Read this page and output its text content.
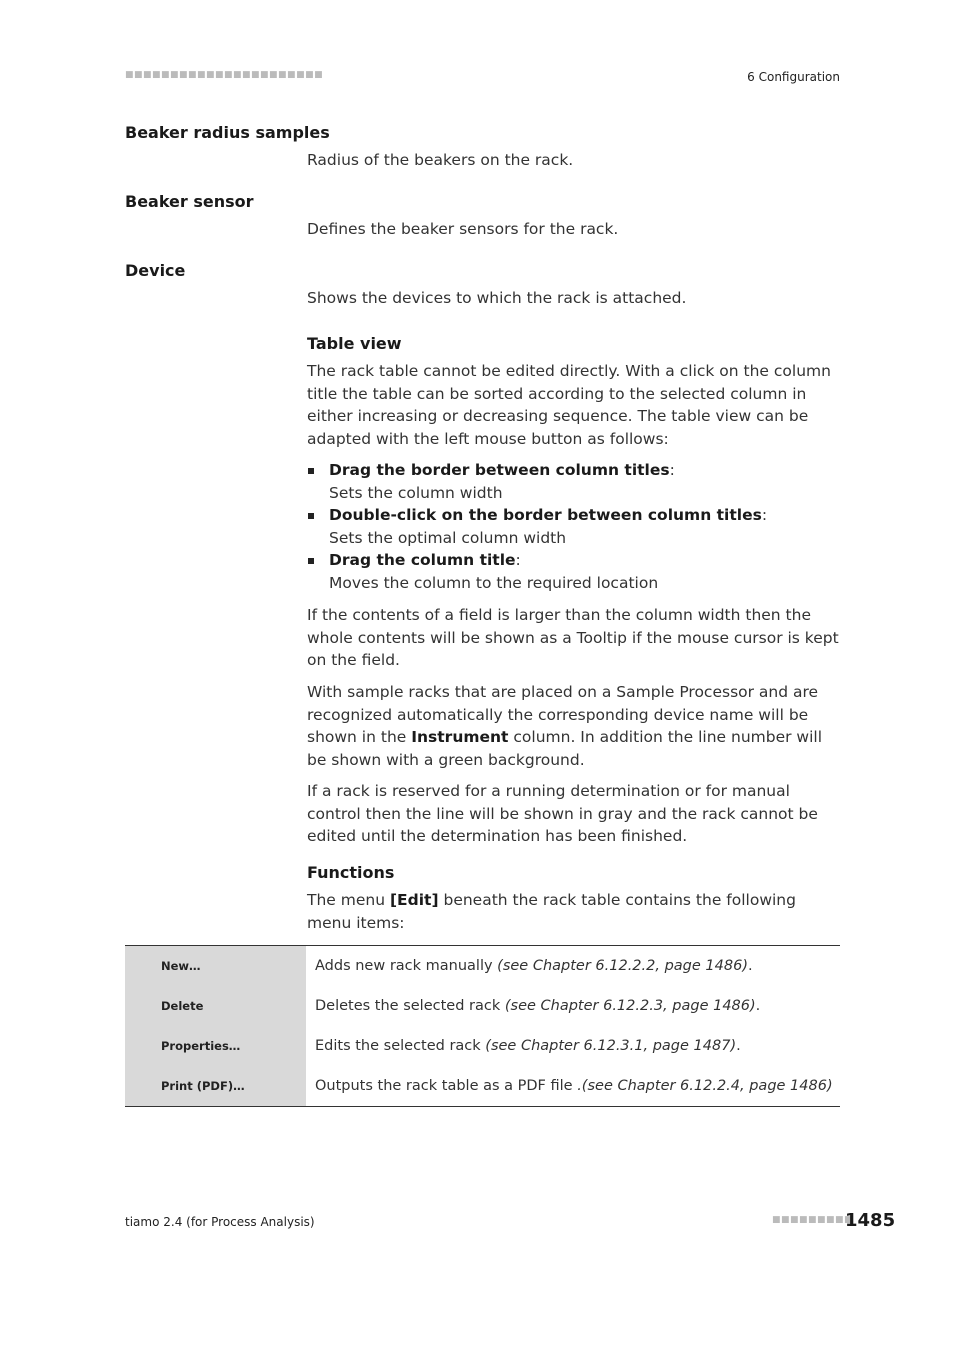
■■■■■■■■■■■■■■■■■■■■■■	6 Configuration
Beaker radius samples
Radius of the beakers on the rack.
Beaker sensor
Defines the beaker sensors for the rack.
Device
Shows the devices to which the rack is attached.
Table view

The rack table cannot be edited directly. With a click on the column title the table can be sorted according to the selected column in either increasing or decreasing sequence. The table view can be adapted with the left mouse button as follows:

Drag the border between column titles:
Sets the column width
Double-click on the border between column titles:
Sets the optimal column width
Drag the column title:
Moves the column to the required location

If the contents of a field is larger than the column width then the whole contents will be shown as a Tooltip if the mouse cursor is kept on the field.

With sample racks that are placed on a Sample Processor and are recognized automatically the corresponding device name will be shown in the Instrument column. In addition the line number will be shown with a green background.

If a rack is reserved for a running determination or for manual control then the line will be shown in gray and the rack cannot be edited until the determination has been finished.

Functions

The menu [Edit] beneath the rack table contains the following menu items:

New…	Adds new rack manually (see Chapter 6.12.2.2, page 1486).
Delete	Deletes the selected rack (see Chapter 6.12.2.3, page 1486).
Properties…	Edits the selected rack (see Chapter 6.12.3.1, page 1487).
Print (PDF)…	Outputs the rack table as a PDF file .(see Chapter 6.12.2.4, page 1486)
tiamo 2.4 (for Process Analysis)	■■■■■■■■■
1485
